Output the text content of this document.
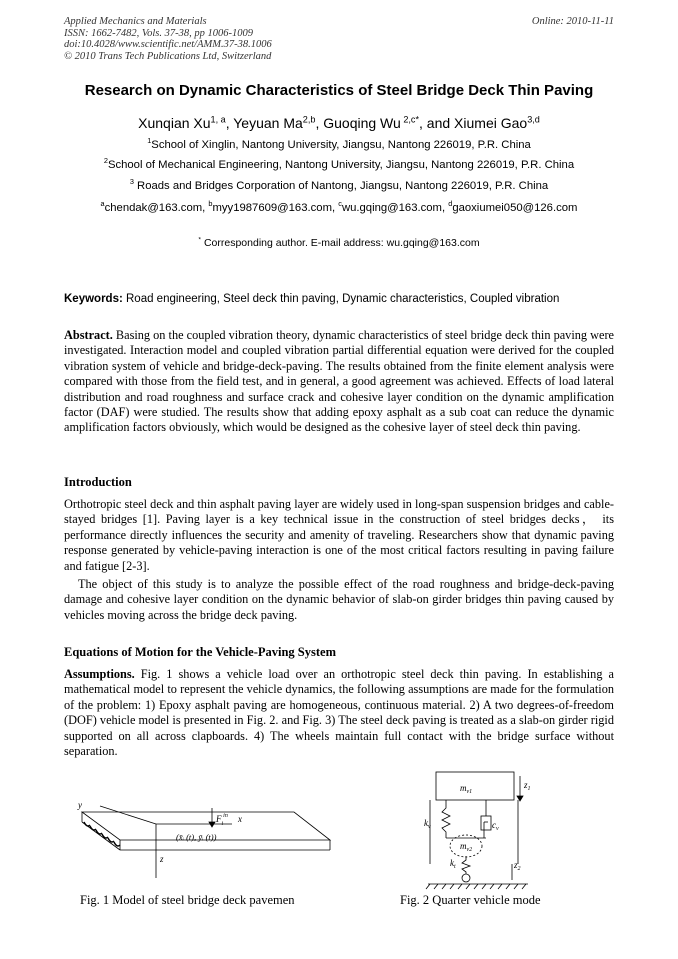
Applied Mechanics and Materials
ISSN: 1662-7482, Vols. 37-38, pp 1006-1009
doi:10.4028/www.scientific.net/AMM.37-38.1006
© 2010 Trans Tech Publications Ltd, Switzerland
Online: 2010-11-11
Research on Dynamic Characteristics of Steel Bridge Deck Thin Paving
Xunqian Xu$^{1, a}$, Yeyuan Ma$^{2,b}$, Guoqing Wu $^{2,c*}$, and Xiumei Gao$^{3,d}$
$^1$School of Xinglin, Nantong University, Jiangsu, Nantong 226019, P.R. China
$^2$School of Mechanical Engineering, Nantong University, Jiangsu, Nantong 226019, P.R. China
$^3$ Roads and Bridges Corporation of Nantong, Jiangsu, Nantong 226019, P.R. China
$^a$chendak@163.com, $^b$myy1987609@163.com, $^c$wu.gqing@163.com, $^d$gaoxiumei050@126.com
* Corresponding author. E-mail address: wu.gqing@163.com
Keywords: Road engineering, Steel deck thin paving, Dynamic characteristics, Coupled vibration
Abstract. Basing on the coupled vibration theory, dynamic characteristics of steel bridge deck thin paving were investigated. Interaction model and coupled vibration partial differential equation were derived for the coupled vibration system of vehicle and bridge-deck-paving. The results obtained from the finite element analysis were compared with those from the field test, and in general, a good agreement was achieved. Effects of load lateral distribution and road roughness and surface crack and cohesive layer condition on the dynamic amplification factor (DAF) were studied. The results show that adding epoxy asphalt as a sub coat can reduce the dynamic amplification factors obviously, which would be designed as the cohesive layer of steel deck thin paving.
Introduction
Orthotropic steel deck and thin asphalt paving layer are widely used in long-span suspension bridges and cable-stayed bridges [1]. Paving layer is a key technical issue in the construction of steel bridges decks， its performance directly influences the security and amenity of traveling. Researchers show that dynamic paving response generated by vehicle-paving interaction is one of the most critical factors resulting in paving failure and fatigue [2-3].
The object of this study is to analyze the possible effect of the road roughness and bridge-deck-paving damage and cohesive layer condition on the dynamic behavior of slab-on girder bridges thin paving caused by vehicles moving across the bridge deck paving.
Equations of Motion for the Vehicle-Paving System
Assumptions. Fig. 1 shows a vehicle load over an orthotropic steel deck thin paving. In establishing a mathematical model to represent the vehicle dynamics, the following assumptions are made for the formulation of the problem: 1) Epoxy asphalt paving are homogeneous, continuous material. 2) A two degrees-of-freedom (DOF) vehicle model is presented in Fig. 2. and Fig. 3) The steel deck paving is treated as a slab-on girder rigid supported on all across clapboards. 4) The wheels maintain full contact with the bridge surface without separation.
y
x
z
$F_i^{in}$
(x̄ᵢ (t), ȳᵢ (t))
Fig. 1 Model of steel bridge deck pavemen
$m_{v1}$
$m_{v2}$
$k_v$	$c_v$
$k_t$
$z_1$
$z_2$
Fig. 2 Quarter vehicle mode
